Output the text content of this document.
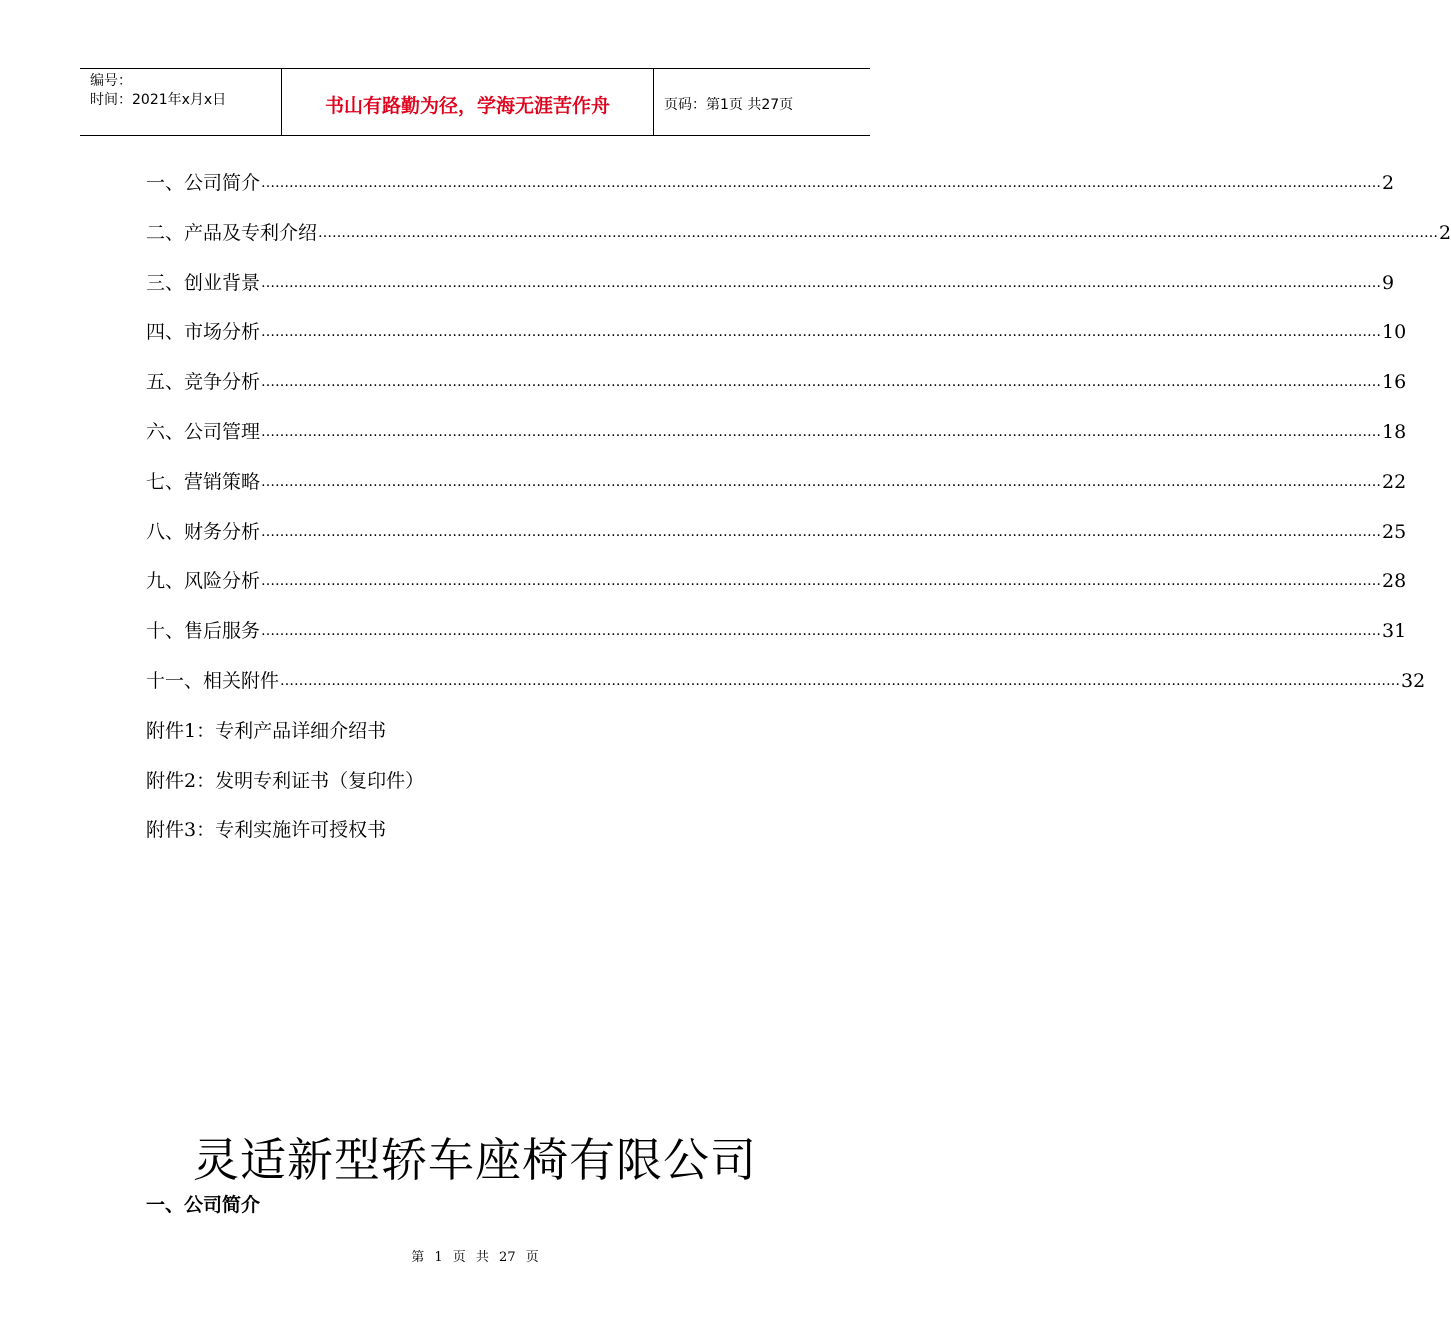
编号：
时间：2021年x月x日	书山有路勤为径，学海无涯苦作舟	页码：第1页 共27页
一、 公司简介 …………………………………………………………………………………………………………………………………………………………………………………………………………………… 2
二、 产品及专利介绍 …………………………………………………………………………………………………………………………………………………………………………………………………………………… 2
三、 创业背景 …………………………………………………………………………………………………………………………………………………………………………………………………………………… 9
四、 市场分析 …………………………………………………………………………………………………………………………………………………………………………………………………………………… 10
五、 竞争分析 …………………………………………………………………………………………………………………………………………………………………………………………………………………… 16
六、 公司管理 …………………………………………………………………………………………………………………………………………………………………………………………………………………… 18
七、 营销策略 …………………………………………………………………………………………………………………………………………………………………………………………………………………… 22
八、 财务分析 …………………………………………………………………………………………………………………………………………………………………………………………………………………… 25
九、 风险分析 …………………………………………………………………………………………………………………………………………………………………………………………………………………… 28
十、 售后服务 …………………………………………………………………………………………………………………………………………………………………………………………………………………… 31
十一、 相关附件 …………………………………………………………………………………………………………………………………………………………………………………………………………………… 32
附件1：专利产品详细介绍书
附件2：发明专利证书（复印件）
附件3：专利实施许可授权书
灵适新型轿车座椅有限公司
一、公司简介
第 1 页 共 27 页
